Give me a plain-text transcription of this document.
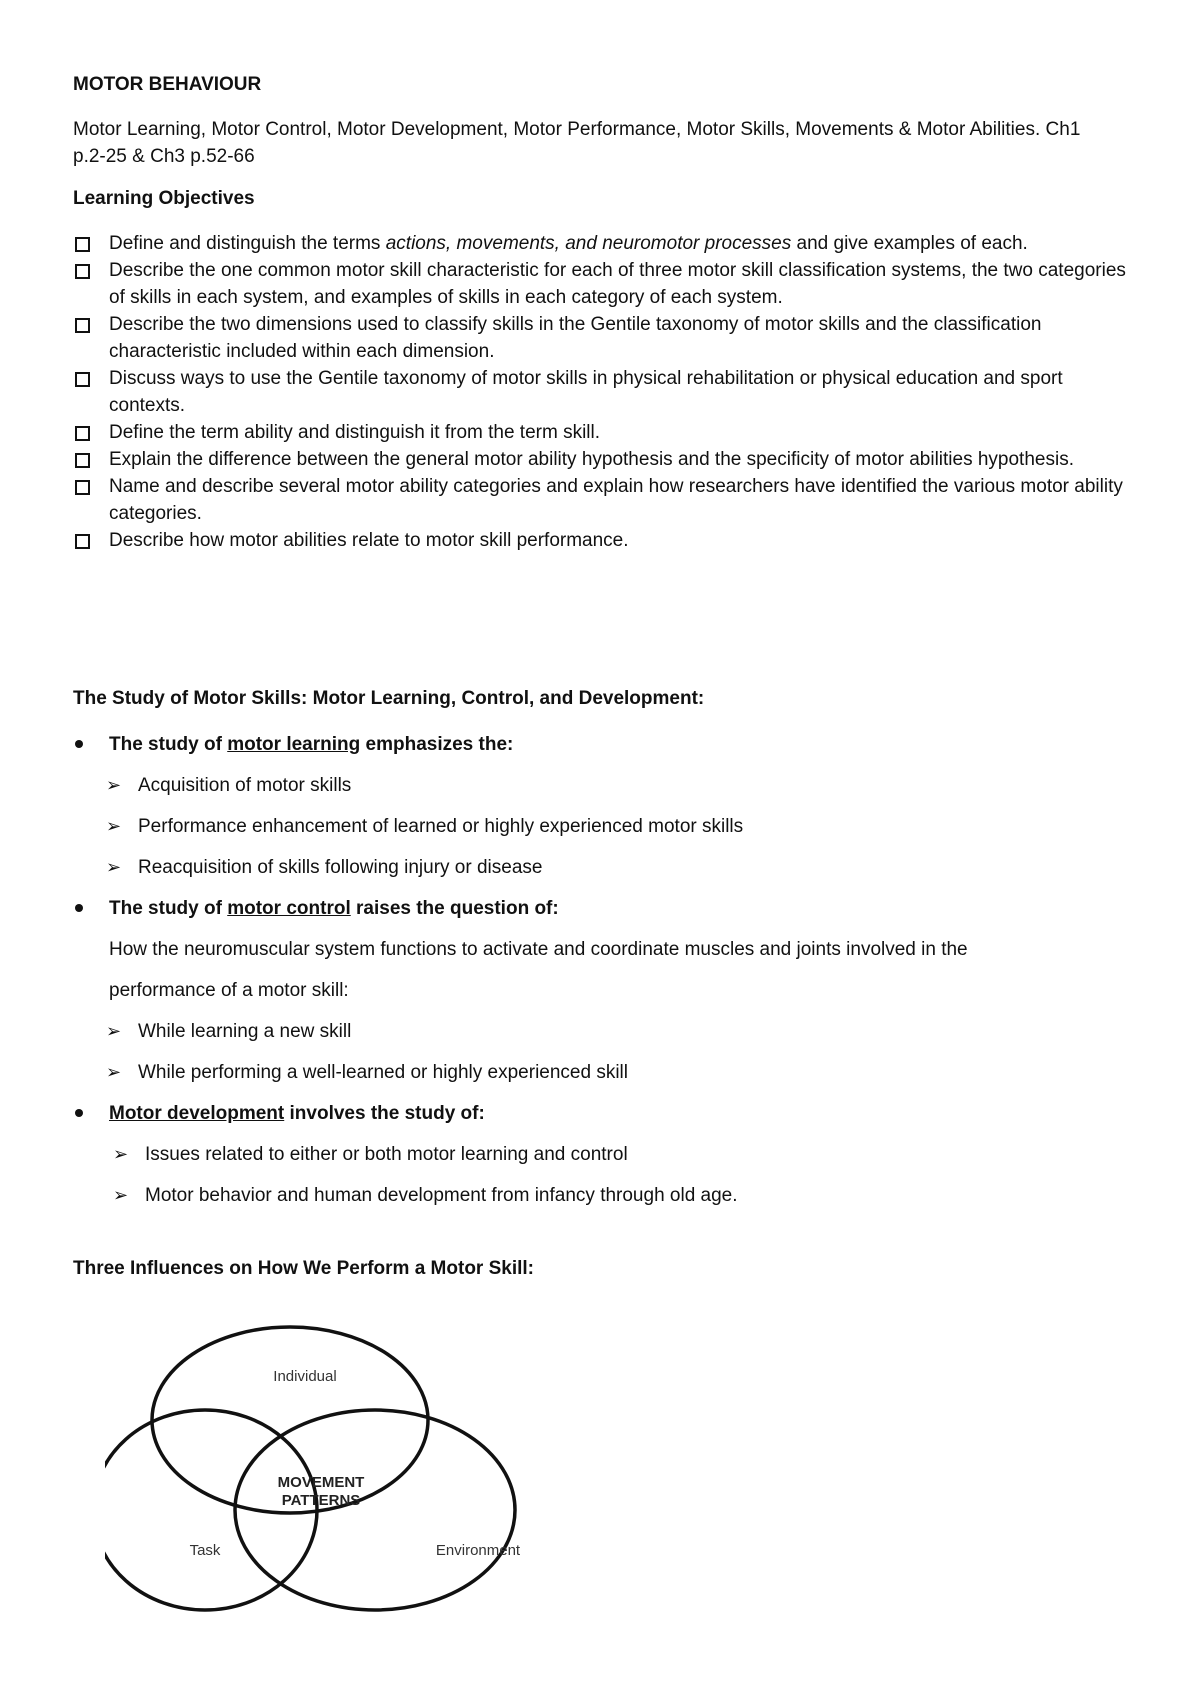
MOTOR BEHAVIOUR
Motor Learning, Motor Control, Motor Development, Motor Performance, Motor Skills, Movements & Motor Abilities. Ch1 p.2-25 & Ch3 p.52-66
Learning Objectives
Define and distinguish the terms actions, movements, and neuromotor processes and give examples of each.
Describe the one common motor skill characteristic for each of three motor skill classification systems, the two categories of skills in each system, and examples of skills in each category of each system.
Describe the two dimensions used to classify skills in the Gentile taxonomy of motor skills and the classification characteristic included within each dimension.
Discuss ways to use the Gentile taxonomy of motor skills in physical rehabilitation or physical education and sport contexts.
Define the term ability and distinguish it from the term skill.
Explain the difference between the general motor ability hypothesis and the specificity of motor abilities hypothesis.
Name and describe several motor ability categories and explain how researchers have identified the various motor ability categories.
Describe how motor abilities relate to motor skill performance.
The Study of Motor Skills: Motor Learning, Control, and Development:
The study of motor learning emphasizes the:
➢ Acquisition of motor skills
➢ Performance enhancement of learned or highly experienced motor skills
➢ Reacquisition of skills following injury or disease
The study of motor control raises the question of:
How the neuromuscular system functions to activate and coordinate muscles and joints involved in the
performance of a motor skill:
➢ While learning a new skill
➢ While performing a well-learned or highly experienced skill
Motor development involves the study of:
➢ Issues related to either or both motor learning and control
➢ Motor behavior and human development from infancy through old age.
Three Influences on How We Perform a Motor Skill:
Individual
Task	Environment
MOVEMENT
PATTERNS
